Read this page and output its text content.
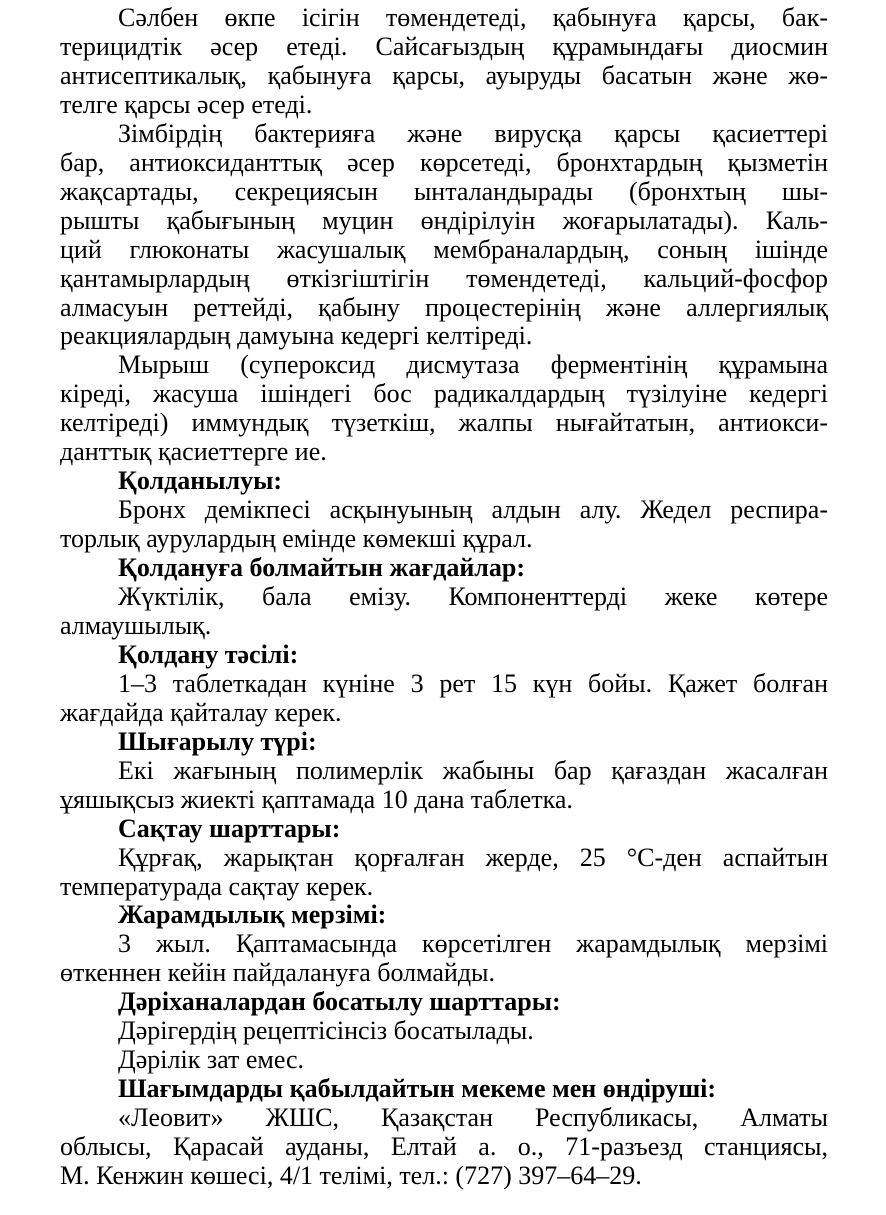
Сəлбен өкпе ісігін төмендетеді, қабынуға қарсы, бак-
терицидтік əсер етеді. Сайсағыздың құрамындағы диосмин
антисептикалық, қабынуға қарсы, ауыруды басатын жəне жө-
телге қарсы əсер етеді.
Зімбірдің бактерияға жəне вирусқа қарсы қасиеттері
бар, антиоксиданттық əсер көрсетеді, бронхтардың қызметін
жақсартады, секрециясын ынталандырады (бронхтың шы-
рышты қабығының муцин өндірілуін жоғарылатады). Каль-
ций глюконаты жасушалық мембраналардың, соның ішінде
қантамырлардың өткізгіштігін төмендетеді, кальций-фосфор
алмасуын реттейді, қабыну процестерінің жəне аллергиялық
реакциялардың дамуына кедергі келтіреді.
Мырыш (супероксид дисмутаза ферментінің құрамына
кіреді, жасуша ішіндегі бос радикалдардың түзілуіне кедергі
келтіреді) иммундық түзеткіш, жалпы нығайтатын, антиокси-
данттық қасиеттерге ие.
Қолданылуы:
Бронх демікпесі асқынуының алдын алу. Жедел респира-
торлық аурулардың емінде көмекші құрал.
Қолдануға болмайтын жағдайлар:
Жүктілік, бала емізу. Компоненттерді жеке көтере
алмаушылық.
Қолдану тəсілі:
1–3 таблеткадан күніне 3 рет 15 күн бойы. Қажет болған
жағдайда қайталау керек.
Шығарылу түрі:
Екі жағының полимерлік жабыны бар қағаздан жасалған
ұяшықсыз жиекті қаптамада 10 дана таблетка.
Сақтау шарттары:
Құрғақ, жарықтан қорғалған жерде, 25 °С-ден аспайтын
температурада сақтау керек.
Жарамдылық мерзімі:
3 жыл. Қаптамасында көрсетілген жарамдылық мерзімі
өткеннен кейін пайдалануға болмайды.
Дəріханалардан босатылу шарттары:
Дəрігердің рецептісінсіз босатылады.
Дəрілік зат емес.
Шағымдарды қабылдайтын мекеме мен өндіруші:
«Леовит» ЖШС, Қазақстан Республикасы, Алматы
облысы, Қарасай ауданы, Елтай а. о., 71-разъезд станциясы,
М. Кенжин көшесі, 4/1 телімі, тел.: (727) 397–64–29.
